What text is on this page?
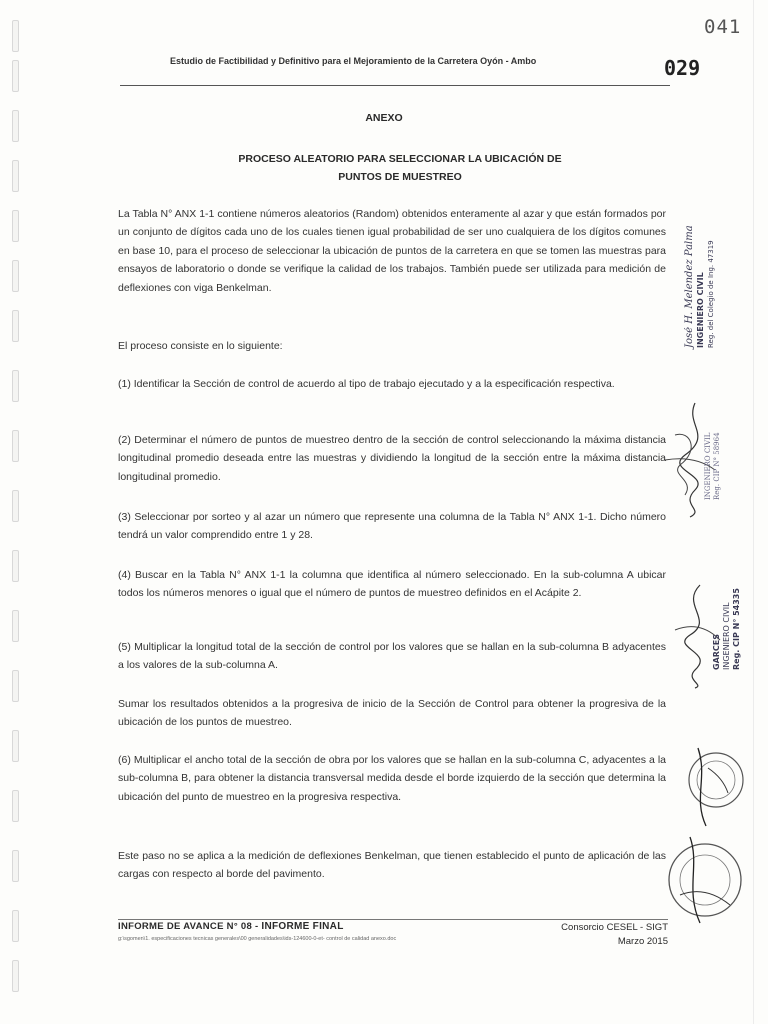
041
Estudio de Factibilidad y Definitivo para el Mejoramiento de la Carretera Oyón - Ambo	029
ANEXO
PROCESO ALEATORIO PARA SELECCIONAR LA UBICACIÓN DE
PUNTOS DE MUESTREO
La Tabla N° ANX 1-1 contiene números aleatorios (Random) obtenidos enteramente al azar y que están formados por un conjunto de dígitos cada uno de los cuales tienen igual probabilidad de ser uno cualquiera de los dígitos comunes en base 10, para el proceso de seleccionar la ubicación de puntos de la carretera en que se tomen las muestras para ensayos de laboratorio o donde se verifique la calidad de los trabajos. También puede ser utilizada para medición de deflexiones con viga Benkelman.
El proceso consiste en lo siguiente:
(1) Identificar la Sección de control de acuerdo al tipo de trabajo ejecutado y a la especificación respectiva.
(2) Determinar el número de puntos de muestreo dentro de la sección de control seleccionando la máxima distancia longitudinal promedio deseada entre las muestras y dividiendo la longitud de la sección entre la máxima distancia longitudinal promedio.
(3) Seleccionar por sorteo y al azar un número que represente una columna de la Tabla N° ANX 1-1. Dicho número tendrá un valor comprendido entre 1 y 28.
(4) Buscar en la Tabla N° ANX 1-1 la columna que identifica al número seleccionado. En la sub-columna A ubicar todos los números menores o igual que el número de puntos de muestreo definidos en el Acápite 2.
(5) Multiplicar la longitud total de la sección de control por los valores que se hallan en la sub-columna B adyacentes a los valores de la sub-columna A.
Sumar los resultados obtenidos a la progresiva de inicio de la Sección de Control para obtener la progresiva de la ubicación de los puntos de muestreo.
(6) Multiplicar el ancho total de la sección de obra por los valores que se hallan en la sub-columna C, adyacentes a la sub-columna B, para obtener la distancia transversal medida desde el borde izquierdo de la sección que determina la ubicación del punto de muestreo en la progresiva respectiva.
Este paso no se aplica a la medición de deflexiones Benkelman, que tienen establecido el punto de aplicación de las cargas con respecto al borde del pavimento.
José H. Melendez Palma INGENIERO CIVIL Reg. del Colegio de Ing. 47319
INGENIERO CIVIL Reg. CIP N° 58964
GARCES INGENIERO CIVIL Reg. CIP N° 54335
INFORME DE AVANCE N° 08 - INFORME FINAL
g:\sgomen\1. especificaciones tecnicas generales\00 generalidades\ids-124600-0-et- control de calidad anexo.doc
Consorcio CESEL - SIGT
Marzo 2015
